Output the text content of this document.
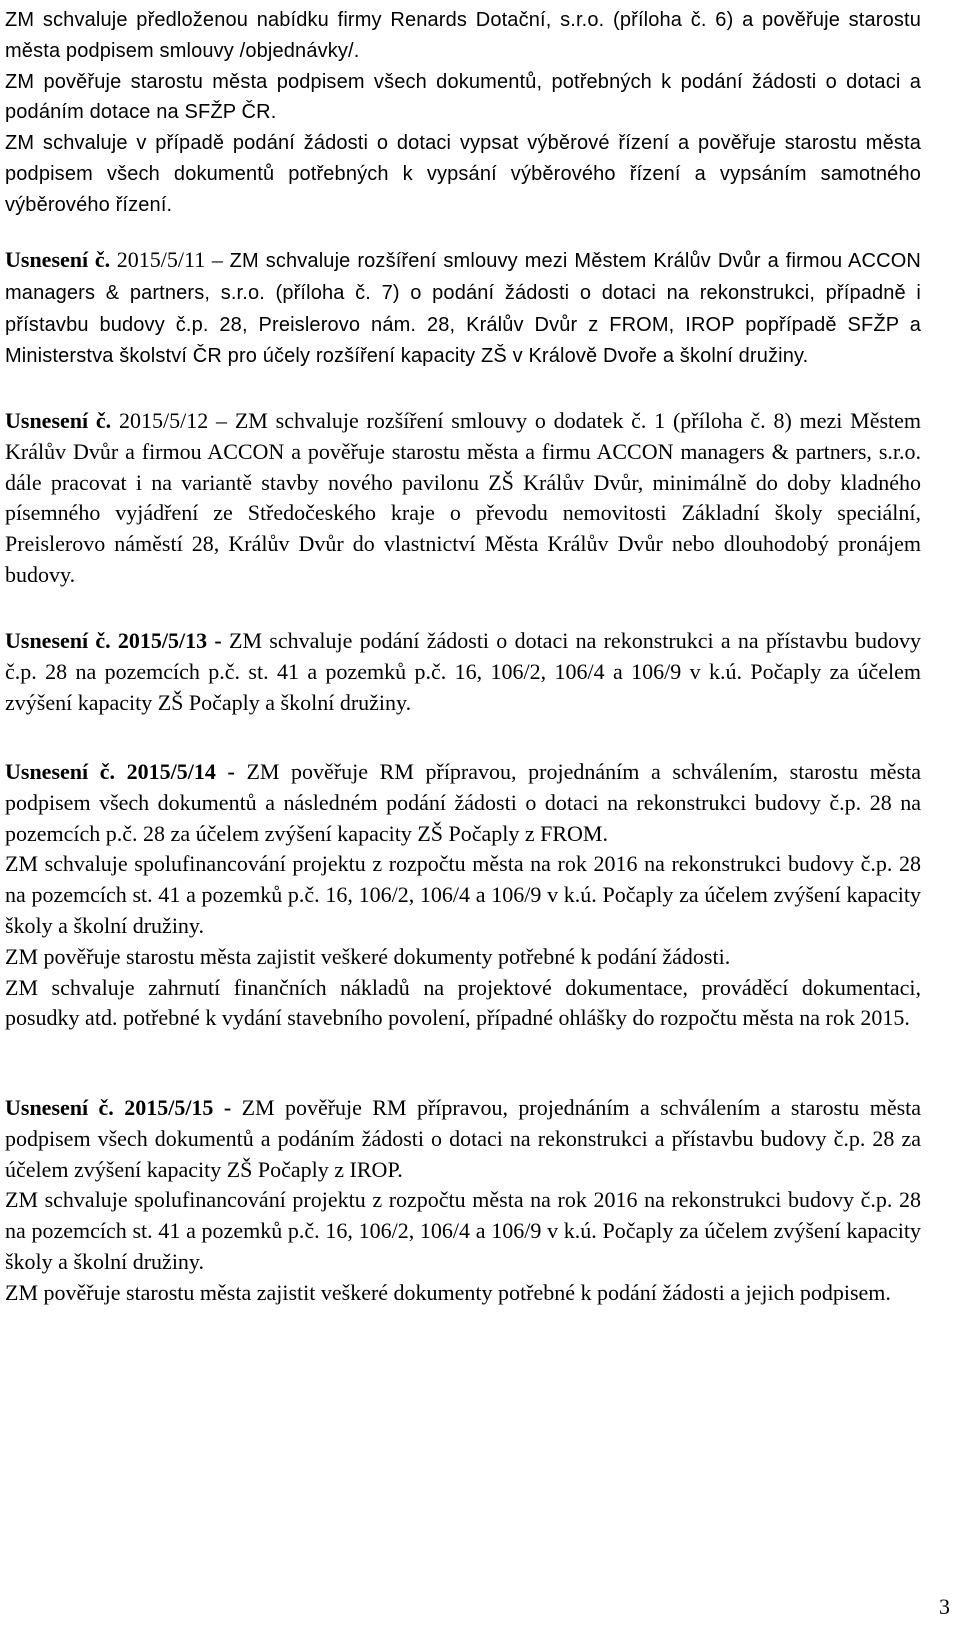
ZM schvaluje předloženou nabídku firmy Renards Dotační, s.r.o. (příloha č. 6) a pověřuje starostu města podpisem smlouvy /objednávky/.

ZM pověřuje starostu města podpisem všech dokumentů, potřebných k podání žádosti o dotaci a podáním dotace na SFŽP ČR.

ZM schvaluje v případě podání žádosti o dotaci vypsat výběrové řízení a pověřuje starostu města podpisem všech dokumentů potřebných k vypsání výběrového řízení a vypsáním samotného výběrového řízení.

Usnesení č. 2015/5/11 – ZM schvaluje rozšíření smlouvy mezi Městem Králův Dvůr a firmou ACCON managers & partners, s.r.o. (příloha č. 7) o podání žádosti o dotaci na rekonstrukci, případně i přístavbu budovy č.p. 28, Preislerovo nám. 28, Králův Dvůr z FROM, IROP popřípadě SFŽP a Ministerstva školství ČR pro účely rozšíření kapacity ZŠ v Královĕ Dvoře a školní družiny.

Usnesení č. 2015/5/12 – ZM schvaluje rozšíření smlouvy o dodatek č. 1 (příloha č. 8) mezi Městem Králův Dvůr a firmou ACCON a pověřuje starostu města a firmu ACCON managers & partners, s.r.o. dále pracovat i na variantě stavby nového pavilonu ZŠ Králův Dvůr, minimálně do doby kladného písemného vyjádření ze Středočeského kraje o převodu nemovitosti Základní školy speciální, Preislerovo náměstí 28, Králův Dvůr do vlastnictví Města Králův Dvůr nebo dlouhodobý pronájem budovy.

Usnesení č. 2015/5/13 - ZM schvaluje podání žádosti o dotaci na rekonstrukci a na přístavbu budovy č.p. 28 na pozemcích p.č. st. 41 a pozemků p.č. 16, 106/2, 106/4 a 106/9 v k.ú. Počaply za účelem zvýšení kapacity ZŠ Počaply a školní družiny.

Usnesení č. 2015/5/14 - ZM pověřuje RM přípravou, projednáním a schválením, starostu města podpisem všech dokumentů a následném podání žádosti o dotaci na rekonstrukci budovy č.p. 28 na pozemcích p.č. 28 za účelem zvýšení kapacity ZŠ Počaply z FROM.

ZM schvaluje spolufinancování projektu z rozpočtu města na rok 2016 na rekonstrukci budovy č.p. 28 na pozemcích st. 41 a pozemků p.č. 16, 106/2, 106/4 a 106/9 v k.ú. Počaply za účelem zvýšení kapacity školy a školní družiny.

ZM pověřuje starostu města zajistit veškeré dokumenty potřebné k podání žádosti.

ZM schvaluje zahrnutí finančních nákladů na projektové dokumentace, prováděcí dokumentaci, posudky atd. potřebné k vydání stavebního povolení, případné ohlášky do rozpočtu města na rok 2015.

Usnesení č. 2015/5/15 - ZM pověřuje RM přípravou, projednáním a schválením a starostu města podpisem všech dokumentů a podáním žádosti o dotaci na rekonstrukci a přístavbu budovy č.p. 28 za účelem zvýšení kapacity ZŠ Počaply z IROP.

ZM schvaluje spolufinancování projektu z rozpočtu města na rok 2016 na rekonstrukci budovy č.p. 28 na pozemcích st. 41 a pozemků p.č. 16, 106/2, 106/4 a 106/9 v k.ú. Počaply za účelem zvýšení kapacity školy a školní družiny.

ZM pověřuje starostu města zajistit veškeré dokumenty potřebné k podání žádosti a jejich podpisem.

3
